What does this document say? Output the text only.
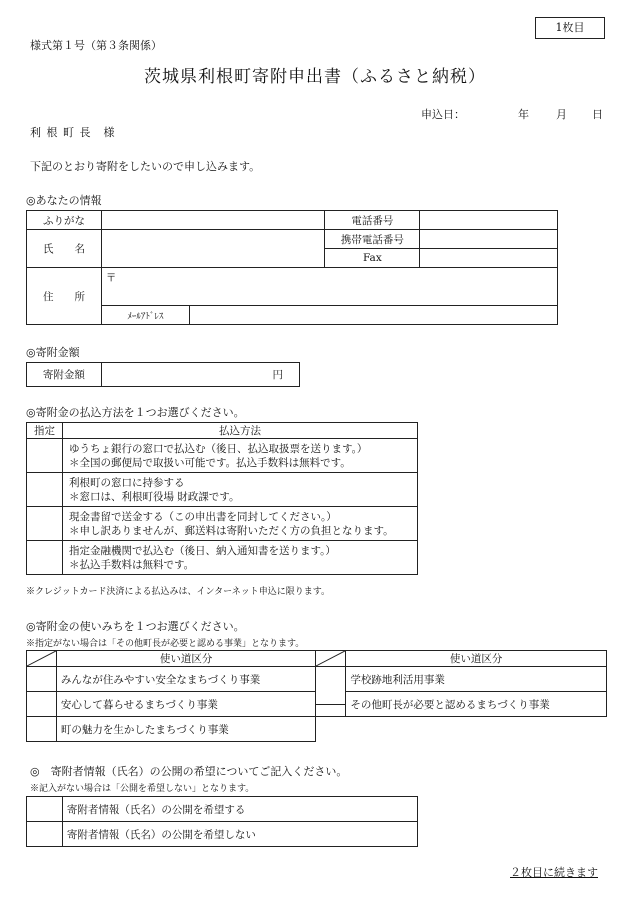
1枚目
様式第１号（第３条関係）
茨城県利根町寄附申出書（ふるさと納税）
申込日：	年 月 日
利 根 町 長　様
下記のとおり寄附をしたいので申し込みます。
◎あなたの情報
ふりがな			電話番号	
氏　　名			携帯電話番号	
			Fax	
住　　所	〒			
	ﾒｰﾙｱﾄﾞﾚｽ			
◎寄附金額
寄附金額	円
◎寄附金の払込方法を１つお選びください。
指定	払込方法

	ゆうちょ銀行の窓口で払込む（後日、払込取扱票を送ります。）
＊全国の郵便局で取扱い可能です。払込手数料は無料です。

	利根町の窓口に持参する
＊窓口は、利根町役場 財政課です。

	現金書留で送金する（この申出書を同封してください。）
＊申し訳ありませんが、郵送料は寄附いただく方の負担となります。

	指定金融機関で払込む（後日、納入通知書を送ります。）
＊払込手数料は無料です。
※クレジットカード決済による払込みは、インターネット申込に限ります。
◎寄附金の使いみちを１つお選びください。
※指定がない場合は「その他町長が必要と認める事業」となります。
	使い道区分		使い道区分
	みんなが住みやすい安全なまちづくり事業		学校跡地利活用事業
	安心して暮らせるまちづくり事業		その他町長が必要と認めるまちづくり事業
	町の魅力を生かしたまちづくり事業		
◎　寄附者情報（氏名）の公開の希望についてご記入ください。
※記入がない場合は「公開を希望しない」となります。
	寄附者情報（氏名）の公開を希望する
	寄附者情報（氏名）の公開を希望しない
２枚目に続きます
